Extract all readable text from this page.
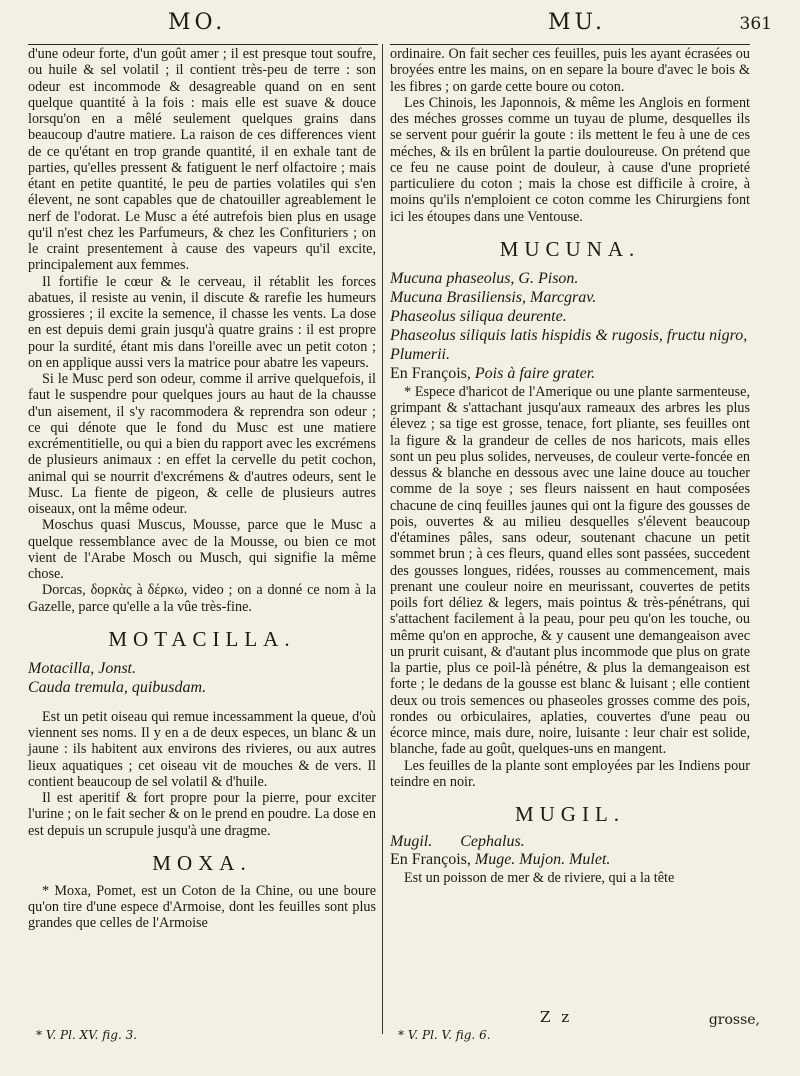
MO.	MU.	361

d'une odeur forte, d'un goût amer ; il est presque tout soufre, ou huile & sel volatil ; il contient très-peu de terre : son odeur est incommode & desagreable quand on en sent quelque quantité à la fois : mais elle est suave & douce lorsqu'on en a mêlé seulement quelques grains dans beaucoup d'autre matiere. La raison de ces differences vient de ce qu'étant en trop grande quantité, il en exhale tant de parties, qu'elles pressent & fatiguent le nerf olfactoire ; mais étant en petite quantité, le peu de parties volatiles qui s'en élevent, ne sont capables que de chatouiller agreablement le nerf de l'odorat. Le Musc a été autrefois bien plus en usage qu'il n'est chez les Parfumeurs, & chez les Confituriers ; on le craint presentement à cause des vapeurs qu'il excite, principalement aux femmes.

Il fortifie le cœur & le cerveau, il rétablit les forces abatues, il resiste au venin, il discute & rarefie les humeurs grossieres ; il excite la semence, il chasse les vents. La dose en est depuis demi grain jusqu'à quatre grains : il est propre pour la surdité, étant mis dans l'oreille avec un petit coton ; on en applique aussi vers la matrice pour abatre les vapeurs.

Si le Musc perd son odeur, comme il arrive quelquefois, il faut le suspendre pour quelques jours au haut de la chausse d'un aisement, il s'y racommodera & reprendra son odeur ; ce qui dénote que le fond du Musc est une matiere excrémentitielle, ou qui a bien du rapport avec les excrémens de plusieurs animaux : en effet la cervelle du petit cochon, animal qui se nourrit d'excrémens & d'autres odeurs, sent le Musc. La fiente de pigeon, & celle de plusieurs autres oiseaux, ont la même odeur.

Moschus quasi Muscus, Mousse, parce que le Musc a quelque ressemblance avec de la Mousse, ou bien ce mot vient de l'Arabe Mosch ou Musch, qui signifie la même chose.

Dorcas, δορκὰς à δέρκω, video ; on a donné ce nom à la Gazelle, parce qu'elle a la vûe très-fine.

MOTACILLA.

Motacilla, Jonst.

Cauda tremula, quibusdam.

Est un petit oiseau qui remue incessamment la queue, d'où viennent ses noms. Il y en a de deux especes, un blanc & un jaune : ils habitent aux environs des rivieres, ou aux autres lieux aquatiques ; cet oiseau vit de mouches & de vers. Il contient beaucoup de sel volatil & d'huile.

Il est aperitif & fort propre pour la pierre, pour exciter l'urine ; on le fait secher & on le prend en poudre. La dose en est depuis un scrupule jusqu'à une dragme.

MOXA.

* Moxa, Pomet, est un Coton de la Chine, ou une boure qu'on tire d'une espece d'Armoise, dont les feuilles sont plus grandes que celles de l'Armoise

ordinaire. On fait secher ces feuilles, puis les ayant écrasées ou broyées entre les mains, on en separe la boure d'avec le bois & les fibres ; on garde cette boure ou coton.

Les Chinois, les Japonnois, & même les Anglois en forment des méches grosses comme un tuyau de plume, desquelles ils se servent pour guérir la goute : ils mettent le feu à une de ces méches, & ils en brûlent la partie douloureuse. On prétend que ce feu ne cause point de douleur, à cause d'une proprieté particuliere du coton ; mais la chose est difficile à croire, à moins qu'ils n'emploient ce coton comme les Chirurgiens font ici les étoupes dans une Ventouse.

MUCUNA.

Mucuna phaseolus, G. Pison.

Mucuna Brasiliensis, Marcgrav.

Phaseolus siliqua deurente.

Phaseolus siliquis latis hispidis & rugosis, fructu nigro, Plumerii.

En François, Pois à faire grater.

* Espece d'haricot de l'Amerique ou une plante sarmenteuse, grimpant & s'attachant jusqu'aux rameaux des arbres les plus élevez ; sa tige est grosse, tenace, fort pliante, ses feuilles ont la figure & la grandeur de celles de nos haricots, mais elles sont un peu plus solides, nerveuses, de couleur verte-foncée en dessus & blanche en dessous avec une laine douce au toucher comme de la soye ; ses fleurs naissent en haut composées chacune de cinq feuilles jaunes qui ont la figure des gousses de pois, ouvertes & au milieu desquelles s'élevent beaucoup d'étamines pâles, sans odeur, soutenant chacune un petit sommet brun ; à ces fleurs, quand elles sont passées, succedent des gousses longues, ridées, rousses au commencement, mais prenant une couleur noire en meurissant, couvertes de petits poils fort déliez & legers, mais pointus & très-pénétrans, qui s'attachent facilement à la peau, pour peu qu'on les touche, ou même qu'on en approche, & y causent une demangeaison avec un prurit cuisant, & d'autant plus incommode que plus on grate la partie, plus ce poil-là pénétre, & plus la demangeaison est forte ; le dedans de la gousse est blanc & luisant ; elle contient deux ou trois semences ou phaseoles grosses comme des pois, rondes ou orbiculaires, aplaties, couvertes d'une peau ou écorce mince, mais dure, noire, luisante : leur chair est solide, blanche, fade au goût, quelques-uns en mangent.

Les feuilles de la plante sont employées par les Indiens pour teindre en noir.

MUGIL.

Mugil. Cephalus.

En François, Muge. Mujon. Mulet.

Est un poisson de mer & de riviere, qui a la tête

Z z	grosse,
* V. Pl. XV. fig. 3.	* V. Pl. V. fig. 6.
